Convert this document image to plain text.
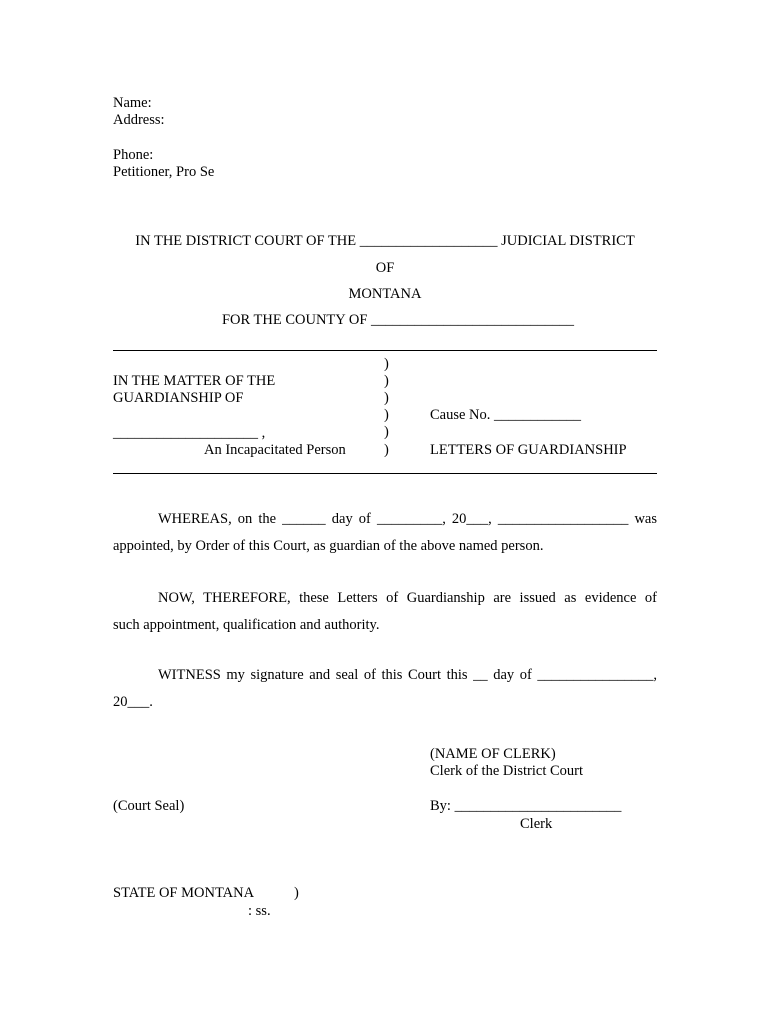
Name:
Address:
Phone:
Petitioner, Pro Se
IN THE DISTRICT COURT OF THE ___________________ JUDICIAL DISTRICT
OF
MONTANA
FOR THE COUNTY OF ____________________________
)
)
)
)
)
)
IN THE MATTER OF THE
GUARDIANSHIP OF
____________________ ,
An Incapacitated Person
Cause No. ____________
LETTERS OF GUARDIANSHIP
WHEREAS, on the ______ day of _________, 20___, __________________ was
appointed, by Order of this Court, as guardian of the above named person.
NOW, THEREFORE, these Letters of Guardianship are issued as evidence of
such appointment, qualification and authority.
WITNESS my signature and seal of this Court this __ day of ________________,
20___.
(NAME OF CLERK)
Clerk of the District Court
(Court Seal)	By: _______________________
Clerk
STATE OF MONTANA	)
: ss.
